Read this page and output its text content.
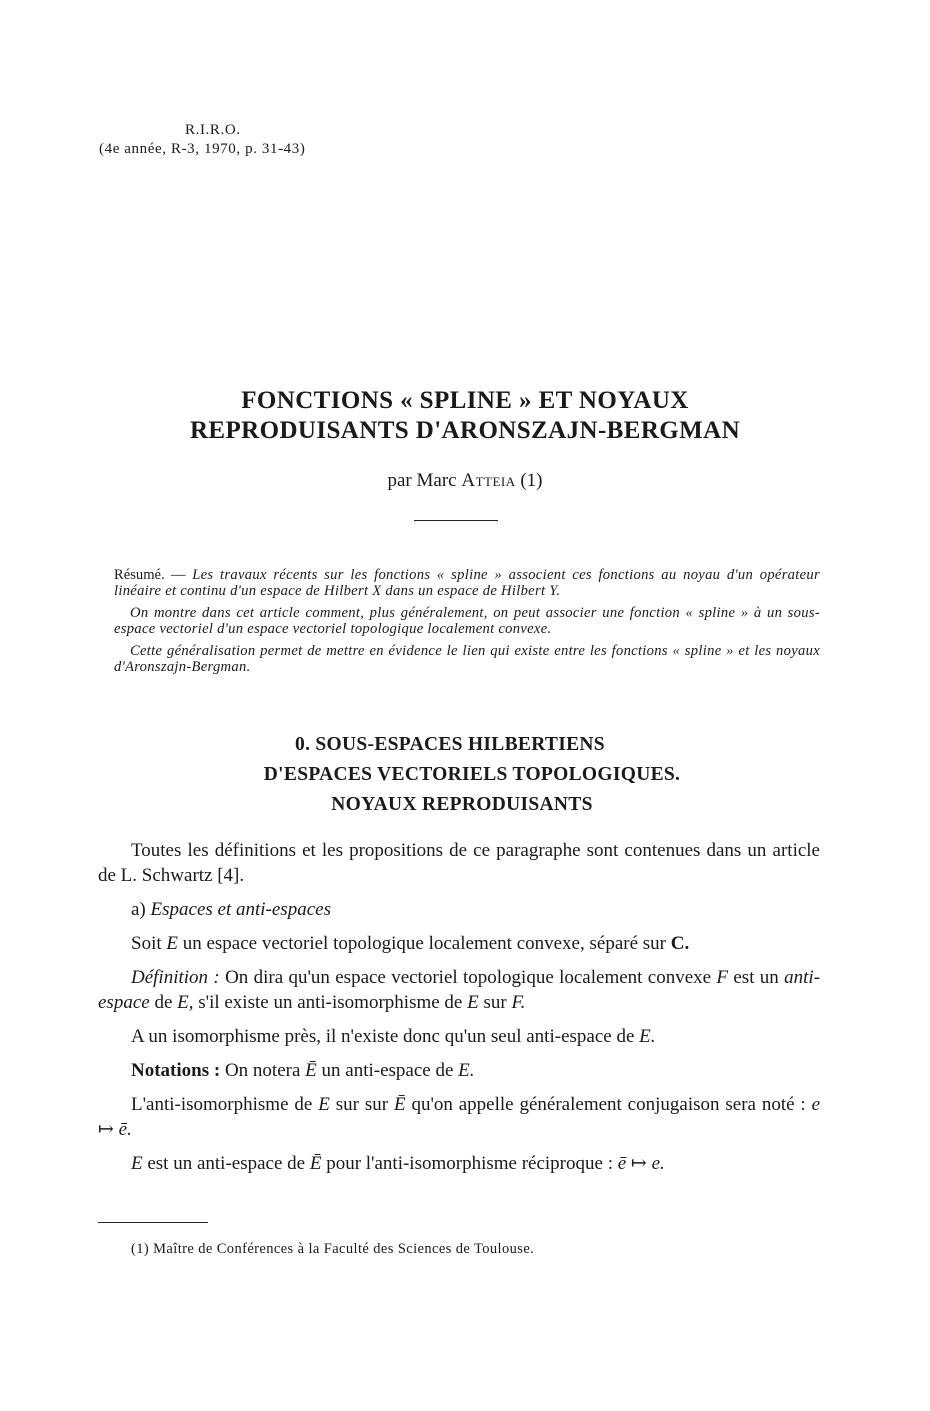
R.I.R.O.
(4e année, R-3, 1970, p. 31-43)
FONCTIONS « SPLINE » ET NOYAUX
REPRODUISANTS D'ARONSZAJN-BERGMAN
par Marc Atteia (1)

Résumé. — Les travaux récents sur les fonctions « spline » associent ces fonctions au noyau d'un opérateur linéaire et continu d'un espace de Hilbert X dans un espace de Hilbert Y.

On montre dans cet article comment, plus généralement, on peut associer une fonction « spline » à un sous-espace vectoriel d'un espace vectoriel topologique localement convexe.

Cette généralisation permet de mettre en évidence le lien qui existe entre les fonctions « spline » et les noyaux d'Aronszajn-Bergman.

0. SOUS-ESPACES HILBERTIENS
D'ESPACES VECTORIELS TOPOLOGIQUES.
NOYAUX REPRODUISANTS

Toutes les définitions et les propositions de ce paragraphe sont contenues dans un article de L. Schwartz [4].

a) Espaces et anti-espaces

Soit E un espace vectoriel topologique localement convexe, séparé sur C.

Définition : On dira qu'un espace vectoriel topologique localement convexe F est un anti-espace de E, s'il existe un anti-isomorphisme de E sur F.

A un isomorphisme près, il n'existe donc qu'un seul anti-espace de E.

Notations : On notera Ē un anti-espace de E.

L'anti-isomorphisme de E sur sur Ē qu'on appelle généralement conjugaison sera noté : e ↦ ē.

E est un anti-espace de Ē pour l'anti-isomorphisme réciproque : ē ↦ e.

(1) Maître de Conférences à la Faculté des Sciences de Toulouse.
